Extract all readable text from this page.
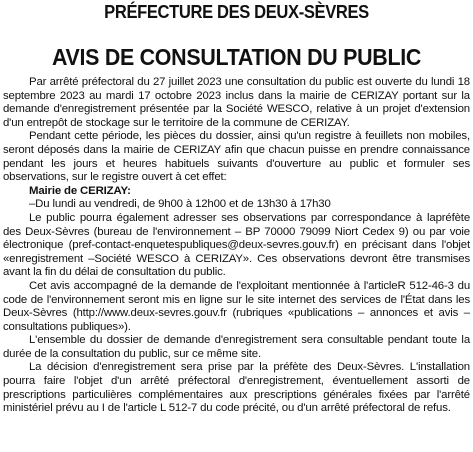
PRÉFECTURE DES DEUX-SÈVRES
AVIS DE CONSULTATION DU PUBLIC

Par arrêté préfectoral du 27 juillet 2023 une consultation du public est ouverte du lundi 18 septembre 2023 au mardi 17 octobre 2023 inclus dans la mairie de CERIZAY portant sur la demande d'enregistrement présentée par la Société WESCO, relative à un projet d'extension d'un entrepôt de stockage sur le territoire de la commune de CERIZAY.

Pendant cette période, les pièces du dossier, ainsi qu'un registre à feuillets non mobiles, seront déposés dans la mairie de CERIZAY afin que chacun puisse en prendre connaissance pendant les jours et heures habituels suivants d'ouverture au public et formuler ses observations, sur le registre ouvert à cet effet:

Mairie de CERIZAY:

–Du lundi au vendredi, de 9h00 à 12h00 et de 13h30 à 17h30

Le public pourra également adresser ses observations par correspondance à lapréfète des Deux-Sèvres (bureau de l'environnement – BP 70000 79099 Niort Cedex 9) ou par voie électronique (pref-contact-enquetespubliques@deux-sevres.gouv.fr) en précisant dans l'objet «enregistrement –Société WESCO à CERIZAY». Ces observations devront être transmises avant la fin du délai de consultation du public.

Cet avis accompagné de la demande de l'exploitant mentionnée à l'articleR 512-46-3 du code de l'environnement seront mis en ligne sur le site internet des services de l'État dans les Deux-Sèvres (http://www.deux-sevres.gouv.fr (rubriques «publications – annonces et avis – consultations publiques»).

L'ensemble du dossier de demande d'enregistrement sera consultable pendant toute la durée de la consultation du public, sur ce même site.

La décision d'enregistrement sera prise par la préfète des Deux-Sèvres. L'installation pourra faire l'objet d'un arrêté préfectoral d'enregistrement, éventuellement assorti de prescriptions particulières complémentaires aux prescriptions générales fixées par l'arrêté ministériel prévu au I de l'article L 512-7 du code précité, ou d'un arrêté préfectoral de refus.
